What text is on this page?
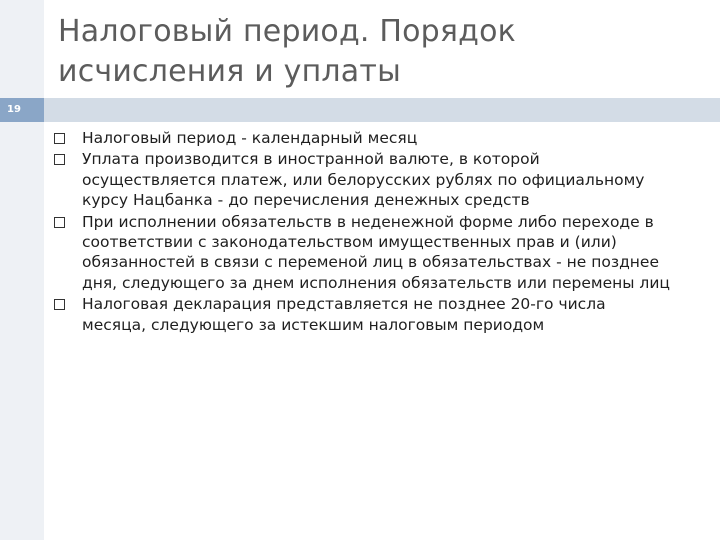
19
Налоговый период. Порядок исчисления и уплаты
Налоговый период - календарный месяц
Уплата производится в иностранной валюте, в которой осуществляется платеж, или белорусских рублях по официальному курсу Нацбанка - до перечисления денежных средств
При исполнении обязательств в неденежной форме либо переходе в соответствии с законодательством имущественных прав и (или) обязанностей в связи с переменой лиц в обязательствах - не позднее дня, следующего за днем исполнения обязательств или перемены лиц
Налоговая декларация представляется не позднее 20-го числа месяца, следующего за истекшим налоговым периодом
